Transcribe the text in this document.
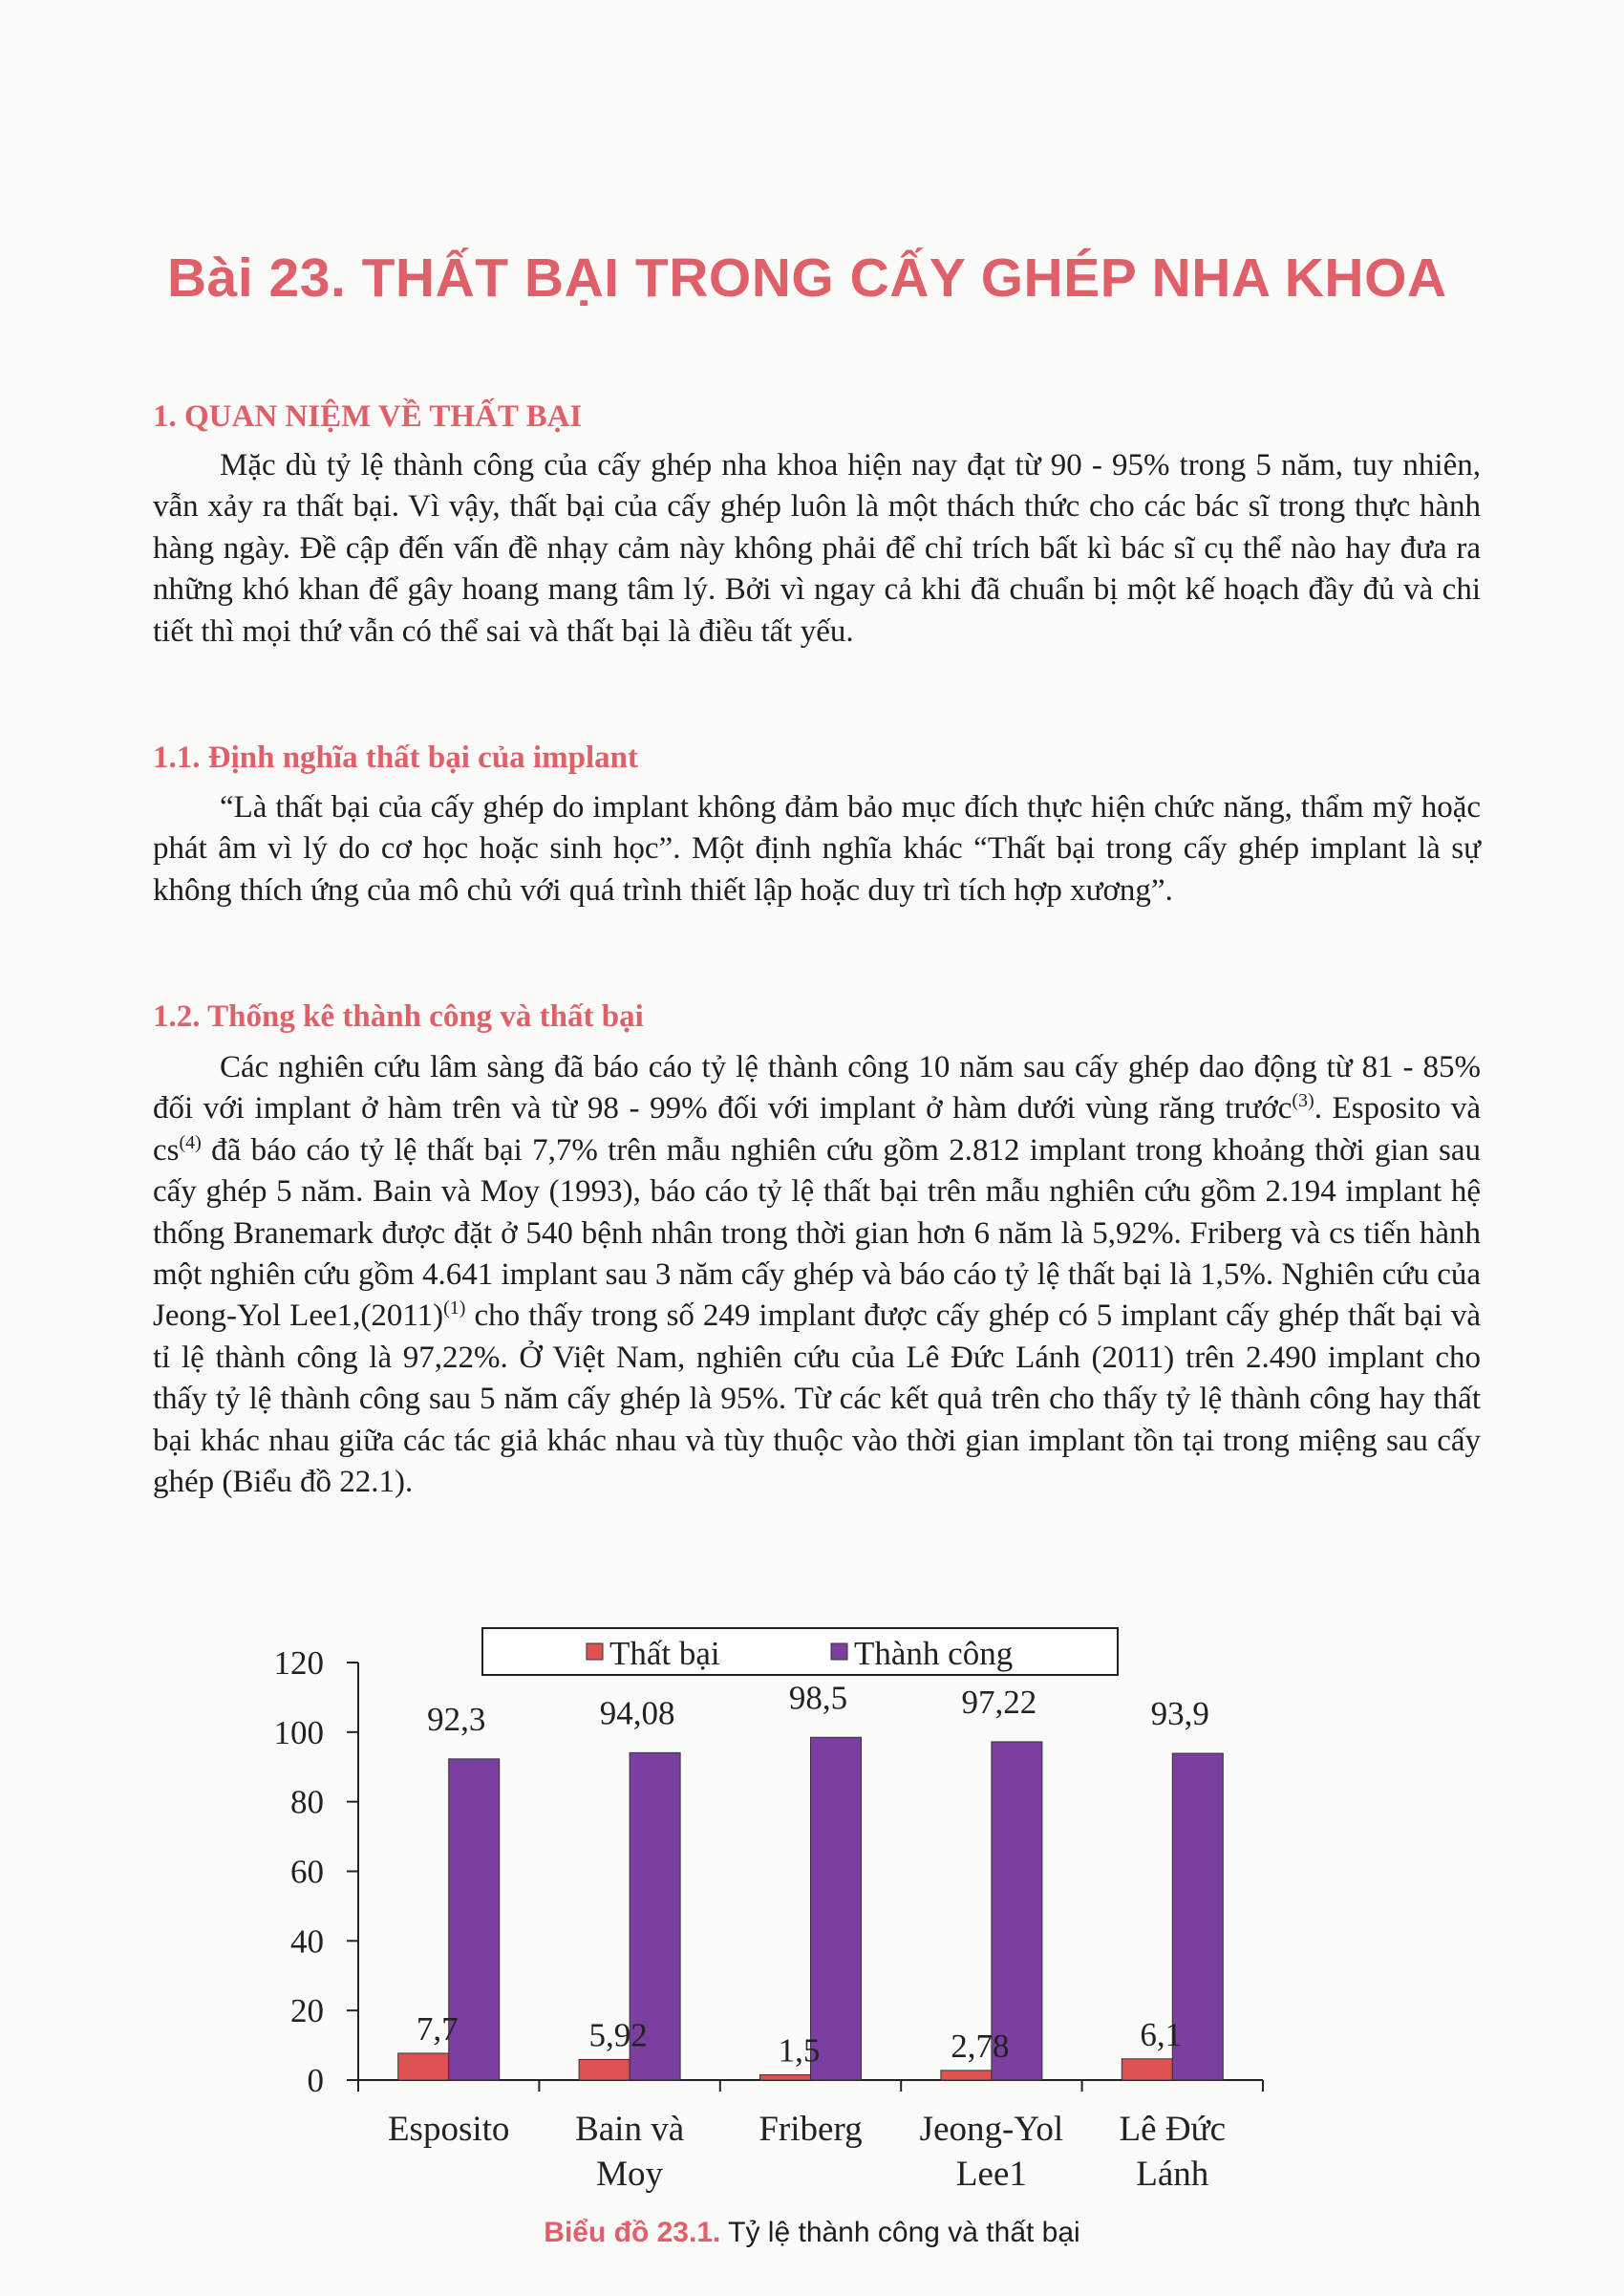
Bài 23. THẤT BẠI TRONG CẤY GHÉP NHA KHOA
1. QUAN NIỆM VỀ THẤT BẠI

Mặc dù tỷ lệ thành công của cấy ghép nha khoa hiện nay đạt từ 90 - 95% trong 5 năm, tuy nhiên, vẫn xảy ra thất bại. Vì vậy, thất bại của cấy ghép luôn là một thách thức cho các bác sĩ trong thực hành hàng ngày. Đề cập đến vấn đề nhạy cảm này không phải để chỉ trích bất kì bác sĩ cụ thể nào hay đưa ra những khó khan để gây hoang mang tâm lý. Bởi vì ngay cả khi đã chuẩn bị một kế hoạch đầy đủ và chi tiết thì mọi thứ vẫn có thể sai và thất bại là điều tất yếu.

1.1. Định nghĩa thất bại của implant

“Là thất bại của cấy ghép do implant không đảm bảo mục đích thực hiện chức năng, thẩm mỹ hoặc phát âm vì lý do cơ học hoặc sinh học”. Một định nghĩa khác “Thất bại trong cấy ghép implant là sự không thích ứng của mô chủ với quá trình thiết lập hoặc duy trì tích hợp xương”.

1.2. Thống kê thành công và thất bại

Các nghiên cứu lâm sàng đã báo cáo tỷ lệ thành công 10 năm sau cấy ghép dao động từ 81 - 85% đối với implant ở hàm trên và từ 98 - 99% đối với implant ở hàm dưới vùng răng trước$^{(3)}$. Esposito và $cs^{(4)}$ đã báo cáo tỷ lệ thất bại 7,7% trên mẫu nghiên cứu gồm 2.812 implant trong khoảng thời gian sau cấy ghép 5 năm. Bain và Moy (1993), báo cáo tỷ lệ thất bại trên mẫu nghiên cứu gồm 2.194 implant hệ thống Branemark được đặt ở 540 bệnh nhân trong thời gian hơn 6 năm là 5,92%. Friberg và cs tiến hành một nghiên cứu gồm 4.641 implant sau 3 năm cấy ghép và báo cáo tỷ lệ thất bại là 1,5%. Nghiên cứu của Jeong-Yol $Lee1,(2011)^{(1)}$ cho thấy trong số 249 implant được cấy ghép có 5 implant cấy ghép thất bại và tỉ lệ thành công là 97,22%. Ở Việt Nam, nghiên cứu của Lê Đức Lánh (2011) trên 2.490 implant cho thấy tỷ lệ thành công sau 5 năm cấy ghép là 95%. Từ các kết quả trên cho thấy tỷ lệ thành công hay thất bại khác nhau giữa các tác giả khác nhau và tùy thuộc vào thời gian implant tồn tại trong miệng sau cấy ghép (Biểu đồ 22.1).

0
20
40
60
80
100
120
7,7
92,3
Esposito
5,92
94,08
Bain và
Moy
1,5
98,5
Friberg
2,78
97,22
Jeong-Yol
Lee1
6,1
93,9
Lê Đức
Lánh
Thất bại	Thành công
Biểu đồ 23.1. Tỷ lệ thành công và thất bại
